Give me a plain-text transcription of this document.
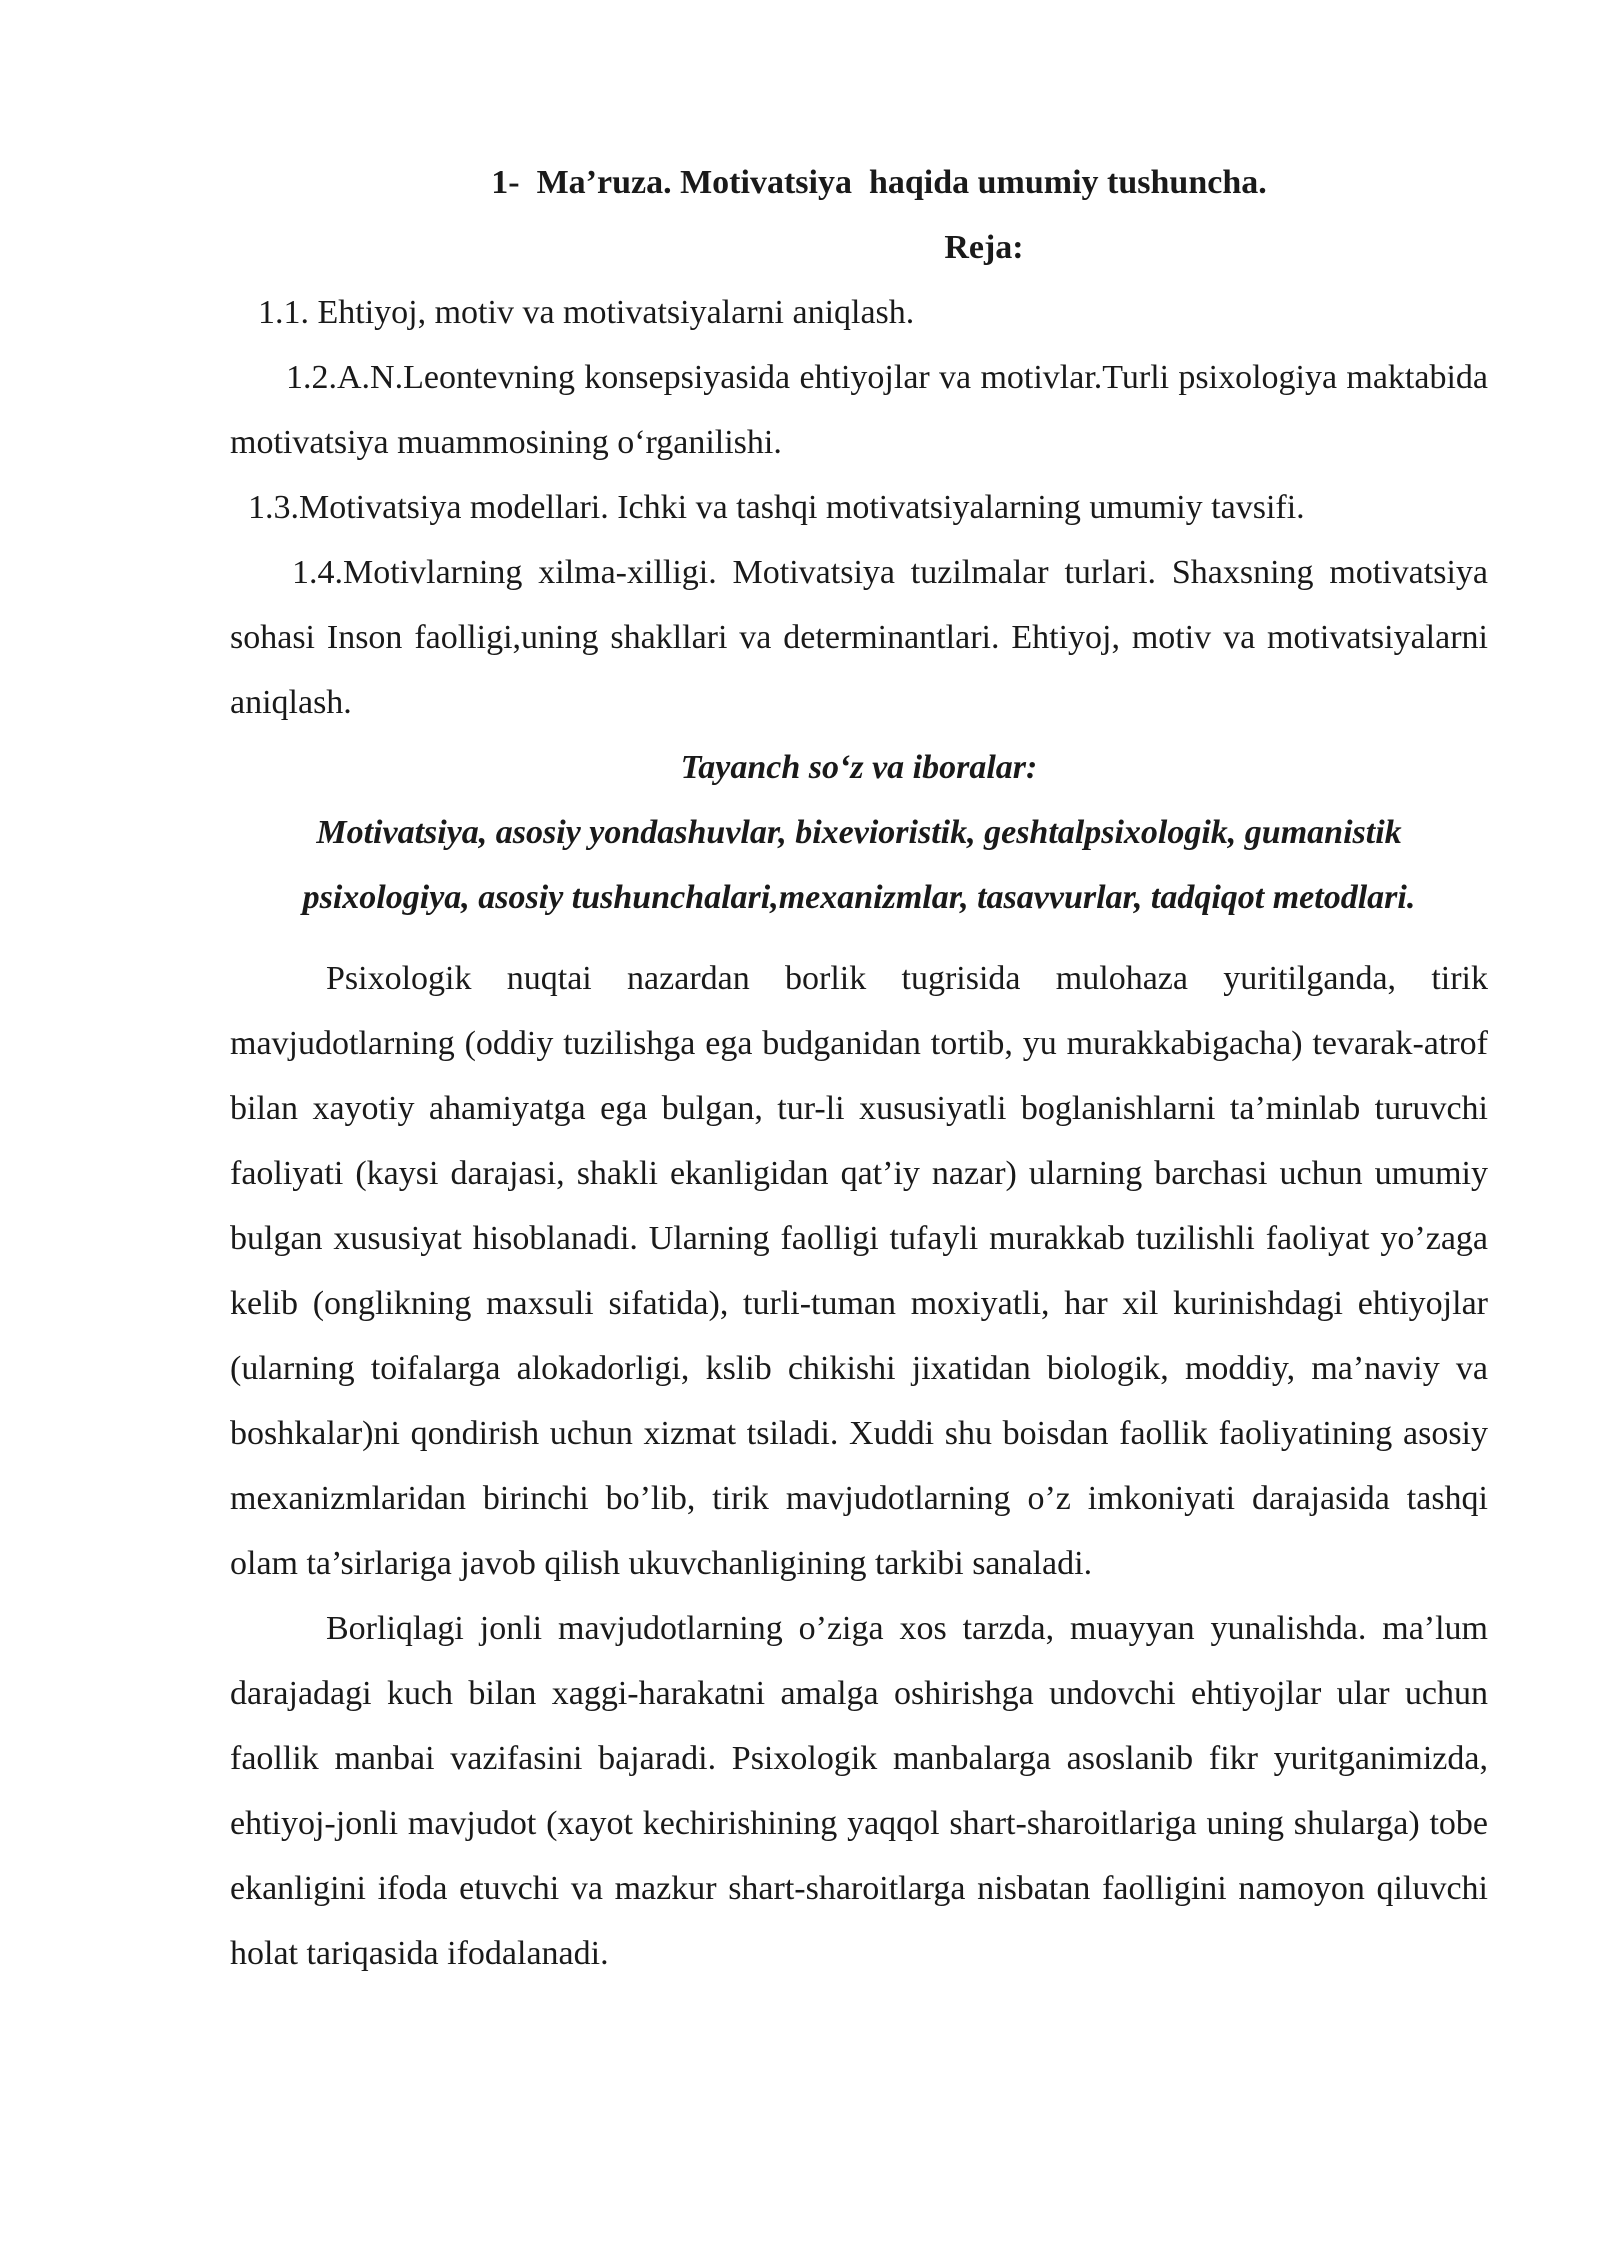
1-  Ma’ruza. Motivatsiya  haqida umumiy tushuncha.

Reja:

1.1. Ehtiyoj, motiv va motivatsiyalarni aniqlash.

1.2.A.N.Leontevning konsepsiyasida ehtiyojlar va motivlar.Turli psixologiya maktabida motivatsiya muammosining o‘rganilishi.

1.3.Motivatsiya modellari. Ichki va tashqi motivatsiyalarning umumiy tavsifi.

1.4.Motivlarning xilma-xilligi. Motivatsiya tuzilmalar turlari. Shaxsning motivatsiya sohasi Inson faolligi,uning shakllari va determinantlari. Ehtiyoj, motiv va motivatsiyalarni aniqlash.

Tayanch so‘z va iboralar:

Motivatsiya, asosiy yondashuvlar, bixevioristik, geshtalpsixologik, gumanistik psixologiya, asosiy tushunchalari,mexanizmlar, tasavvurlar, tadqiqot metodlari.

Psixologik nuqtai nazardan borlik tugrisida mulohaza yuritilganda, tirik mavjudotlarning (oddiy tuzilishga ega budganidan tortib, yu murakkabigacha) tevarak-atrof bilan xayotiy ahamiyatga ega bulgan, tur-li xususiyatli boglanishlarni ta’minlab turuvchi faoliyati (kaysi darajasi, shakli ekanligidan qat’iy nazar) ularning barchasi uchun umumiy bulgan xususiyat hisoblanadi. Ularning faolligi tufayli murakkab tuzilishli faoliyat yo’zaga kelib (onglikning maxsuli sifatida), turli-tuman moxiyatli, har xil kurinishdagi ehtiyojlar (ularning toifalarga alokadorligi, kslib chikishi jixatidan biologik, moddiy, ma’naviy va boshkalar)ni qondirish uchun xizmat tsiladi. Xuddi shu boisdan faollik faoliyatining asosiy mexanizmlaridan birinchi bo’lib, tirik mavjudotlarning o’z imkoniyati darajasida tashqi olam ta’sirlariga javob qilish ukuvchanligining tarkibi sanaladi.

Borliqlagi jonli mavjudotlarning o’ziga xos tarzda, muayyan yunalishda. ma’lum darajadagi kuch bilan xaggi-harakatni amalga oshirishga undovchi ehtiyojlar ular uchun faollik manbai vazifasini bajaradi. Psixologik manbalarga asoslanib fikr yuritganimizda, ehtiyoj-jonli mavjudot (xayot kechirishining yaqqol shart-sharoitlariga uning shularga) tobe ekanligini ifoda etuvchi va mazkur shart-sharoitlarga nisbatan faolligini namoyon qiluvchi holat tariqasida ifodalanadi.
